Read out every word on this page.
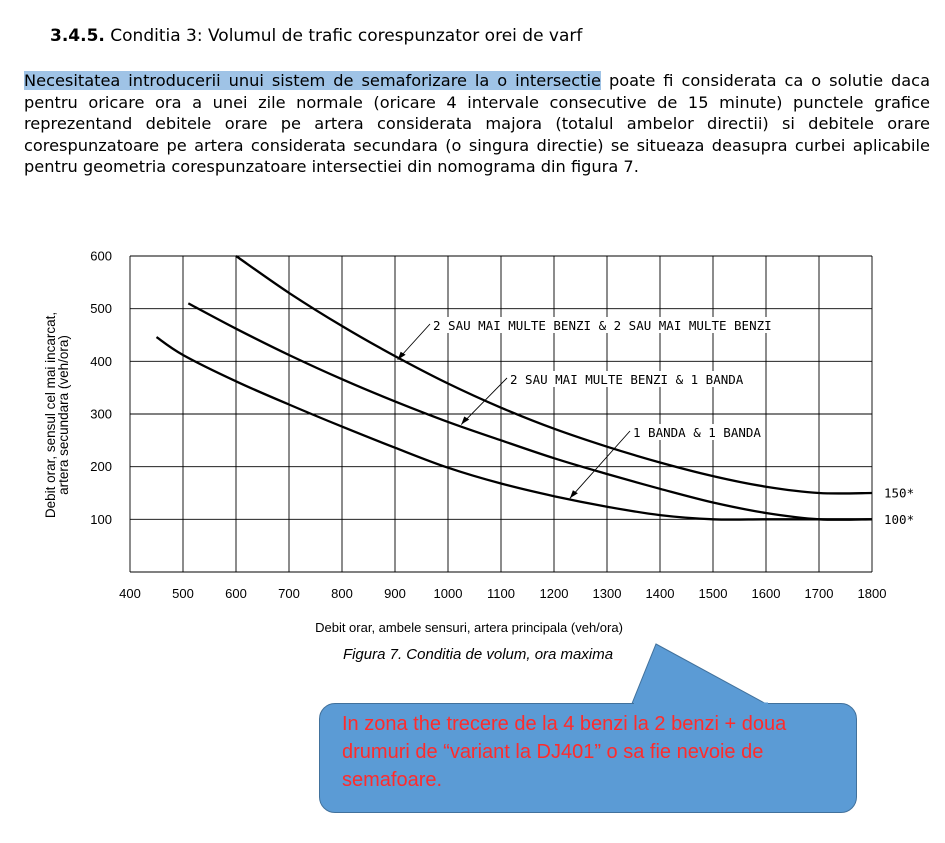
3.4.5. Conditia 3: Volumul de trafic corespunzator orei de varf
Necesitatea introducerii unui sistem de semaforizare la o intersectie poate fi considerata ca o solutie daca pentru oricare ora a unei zile normale (oricare 4 intervale consecutive de 15 minute) punctele grafice reprezentand debitele orare pe artera considerata majora (totalul ambelor directii) si debitele orare corespunzatoare pe artera considerata secundara (o singura directie) se situeaza deasupra curbei aplicabile pentru geometria corespunzatoare intersectiei din nomograma din figura 7.
400 500 600 700 800 900 1000 1100 1200 1300 1400 1500 1600 1700 1800
100
200
300
400
500
600
2 SAU MAI MULTE BENZI & 2 SAU MAI MULTE BENZI
2 SAU MAI MULTE BENZI & 1 BANDA
1 BANDA & 1 BANDA
150*
100*
Debit orar, sensul cel mai incarcat,
artera secundara (veh/ora)
Debit orar, ambele sensuri, artera principala (veh/ora)
Figura 7. Conditia de volum, ora maxima
In zona the trecere de la 4 benzi la 2 benzi + doua drumuri de “variant la DJ401” o sa fie nevoie de semafoare.
